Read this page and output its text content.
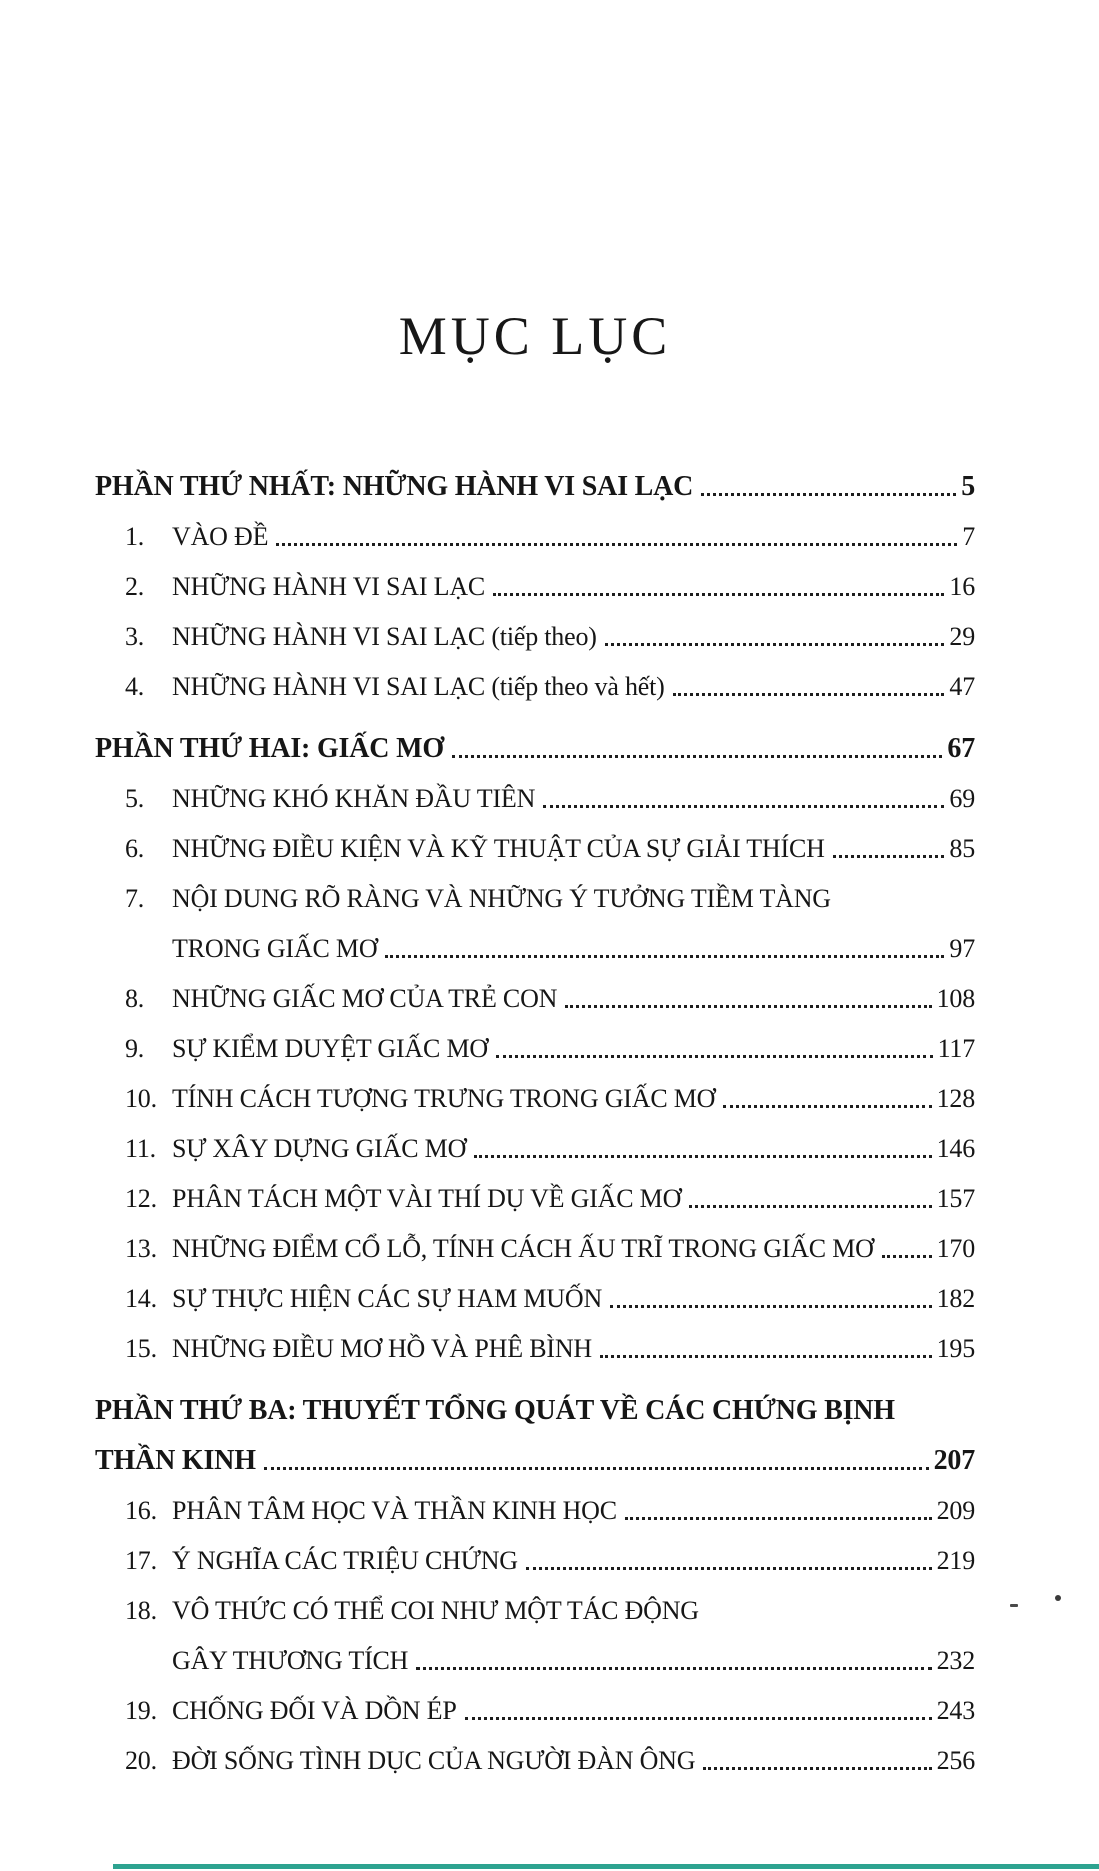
MỤC LỤC
PHẦN THỨ NHẤT: NHỮNG HÀNH VI SAI LẠC	5
1.	VÀO ĐỀ	7
2.	NHỮNG HÀNH VI SAI LẠC	16
3.	NHỮNG HÀNH VI SAI LẠC (tiếp theo)	29
4.	NHỮNG HÀNH VI SAI LẠC (tiếp theo và hết)	47
PHẦN THỨ HAI: GIẤC MƠ	67
5.	NHỮNG KHÓ KHĂN ĐẦU TIÊN	69
6.	NHỮNG ĐIỀU KIỆN VÀ KỸ THUẬT CỦA SỰ GIẢI THÍCH	85
7.	NỘI DUNG RÕ RÀNG VÀ NHỮNG Ý TƯỞNG TIỀM TÀNG
TRONG GIẤC MƠ	97
8.	NHỮNG GIẤC MƠ CỦA TRẺ CON	108
9.	SỰ KIỂM DUYỆT GIẤC MƠ	117
10. TÍNH CÁCH TƯỢNG TRƯNG TRONG GIẤC MƠ	128
11. SỰ XÂY DỰNG GIẤC MƠ	146
12. PHÂN TÁCH MỘT VÀI THÍ DỤ VỀ GIẤC MƠ	157
13. NHỮNG ĐIỂM CỔ LỖ, TÍNH CÁCH ẤU TRĨ TRONG GIẤC MƠ 170
14. SỰ THỰC HIỆN CÁC SỰ HAM MUỐN	182
15. NHỮNG ĐIỀU MƠ HỒ VÀ PHÊ BÌNH	195
PHẦN THỨ BA: THUYẾT TỔNG QUÁT VỀ CÁC CHỨNG BỊNH
THẦN KINH	207
16. PHÂN TÂM HỌC VÀ THẦN KINH HỌC	209
17. Ý NGHĨA CÁC TRIỆU CHỨNG	219
18. VÔ THỨC CÓ THỂ COI NHƯ MỘT TÁC ĐỘNG
GÂY THƯƠNG TÍCH	232
19. CHỐNG ĐỐI VÀ DỒN ÉP	243
20. ĐỜI SỐNG TÌNH DỤC CỦA NGƯỜI ĐÀN ÔNG	256
